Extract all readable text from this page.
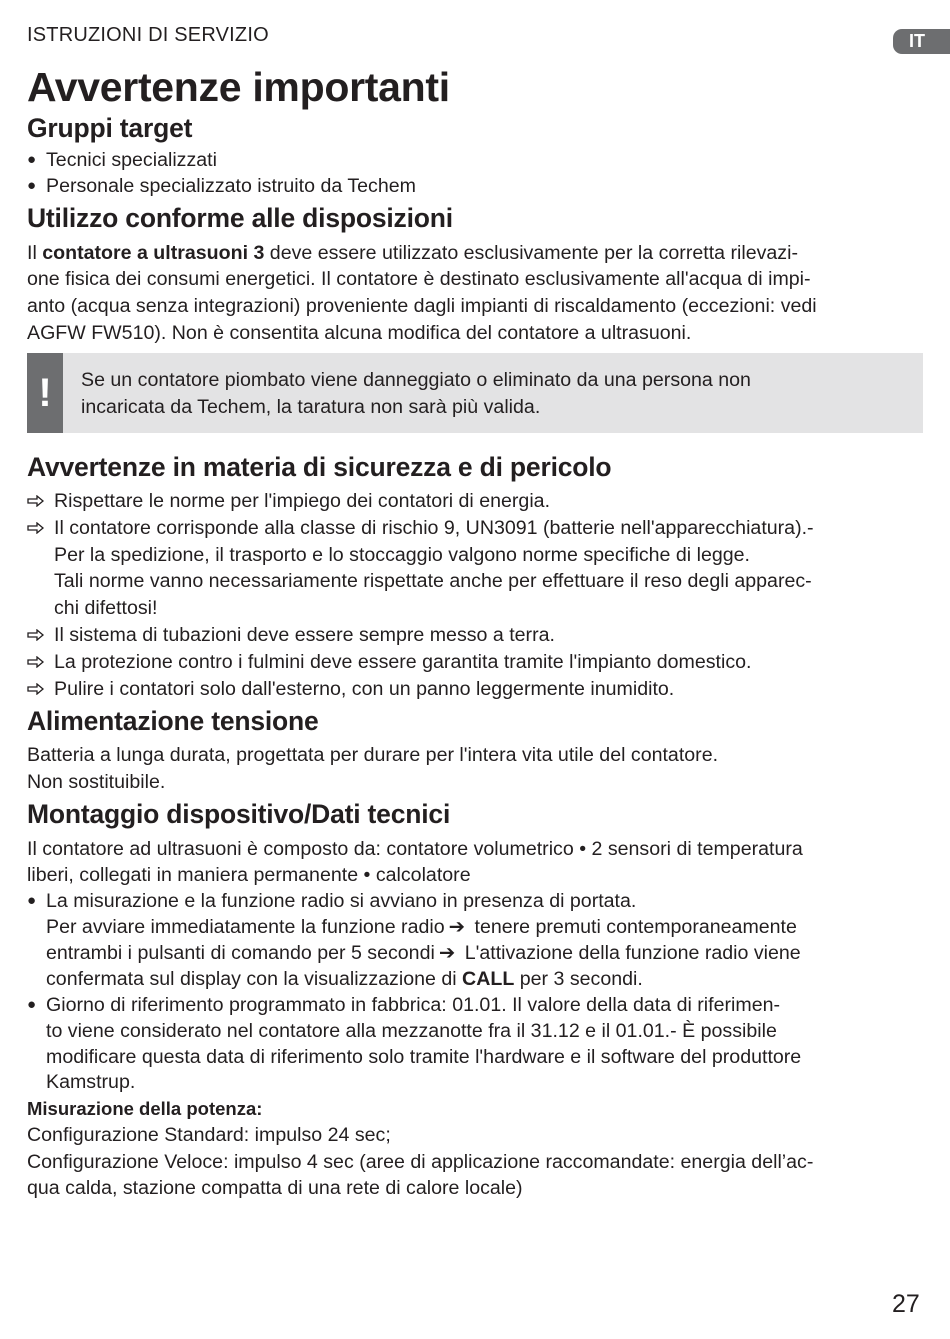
ISTRUZIONI DI SERVIZIO	IT
Avvertenze importanti
Gruppi target
● Tecnici specializzati
● Personale specializzato istruito da Techem
Utilizzo conforme alle disposizioni
Il contatore a ultrasuoni 3 deve essere utilizzato esclusivamente per la corretta rilevazi-
one fisica dei consumi energetici. Il contatore è destinato esclusivamente all'acqua di impi-
anto (acqua senza integrazioni) proveniente dagli impianti di riscaldamento (eccezioni: vedi
AGFW FW510). Non è consentita alcuna modifica del contatore a ultrasuoni.
!	Se un contatore piombato viene danneggiato o eliminato da una persona non
incaricata da Techem, la taratura non sarà più valida.
Avvertenze in materia di sicurezza e di pericolo
Rispettare le norme per l'impiego dei contatori di energia.
Il contatore corrisponde alla classe di rischio 9, UN3091 (batterie nell'apparecchiatura).-
Per la spedizione, il trasporto e lo stoccaggio valgono norme specifiche di legge.
Tali norme vanno necessariamente rispettate anche per effettuare il reso degli apparec-
chi difettosi!
Il sistema di tubazioni deve essere sempre messo a terra.
La protezione contro i fulmini deve essere garantita tramite l'impianto domestico.
Pulire i contatori solo dall'esterno, con un panno leggermente inumidito.
Alimentazione tensione
Batteria a lunga durata, progettata per durare per l'intera vita utile del contatore.
Non sostituibile.
Montaggio dispositivo/Dati tecnici
Il contatore ad ultrasuoni è composto da: contatore volumetrico • 2 sensori di temperatura
liberi, collegati in maniera permanente • calcolatore
● La misurazione e la funzione radio si avviano in presenza di portata.
Per avviare immediatamente la funzione radio ➔ tenere premuti contemporaneamente
entrambi i pulsanti di comando per 5 secondi ➔ L'attivazione della funzione radio viene
confermata sul display con la visualizzazione di CALL per 3 secondi.
● Giorno di riferimento programmato in fabbrica: 01.01. Il valore della data di riferimen-
to viene considerato nel contatore alla mezzanotte fra il 31.12 e il 01.01.- È possibile
modificare questa data di riferimento solo tramite l'hardware e il software del produttore
Kamstrup.
Misurazione della potenza:
Configurazione Standard: impulso 24 sec;
Configurazione Veloce: impulso 4 sec (aree di applicazione raccomandate: energia dell’ac-
qua calda, stazione compatta di una rete di calore locale)
27
